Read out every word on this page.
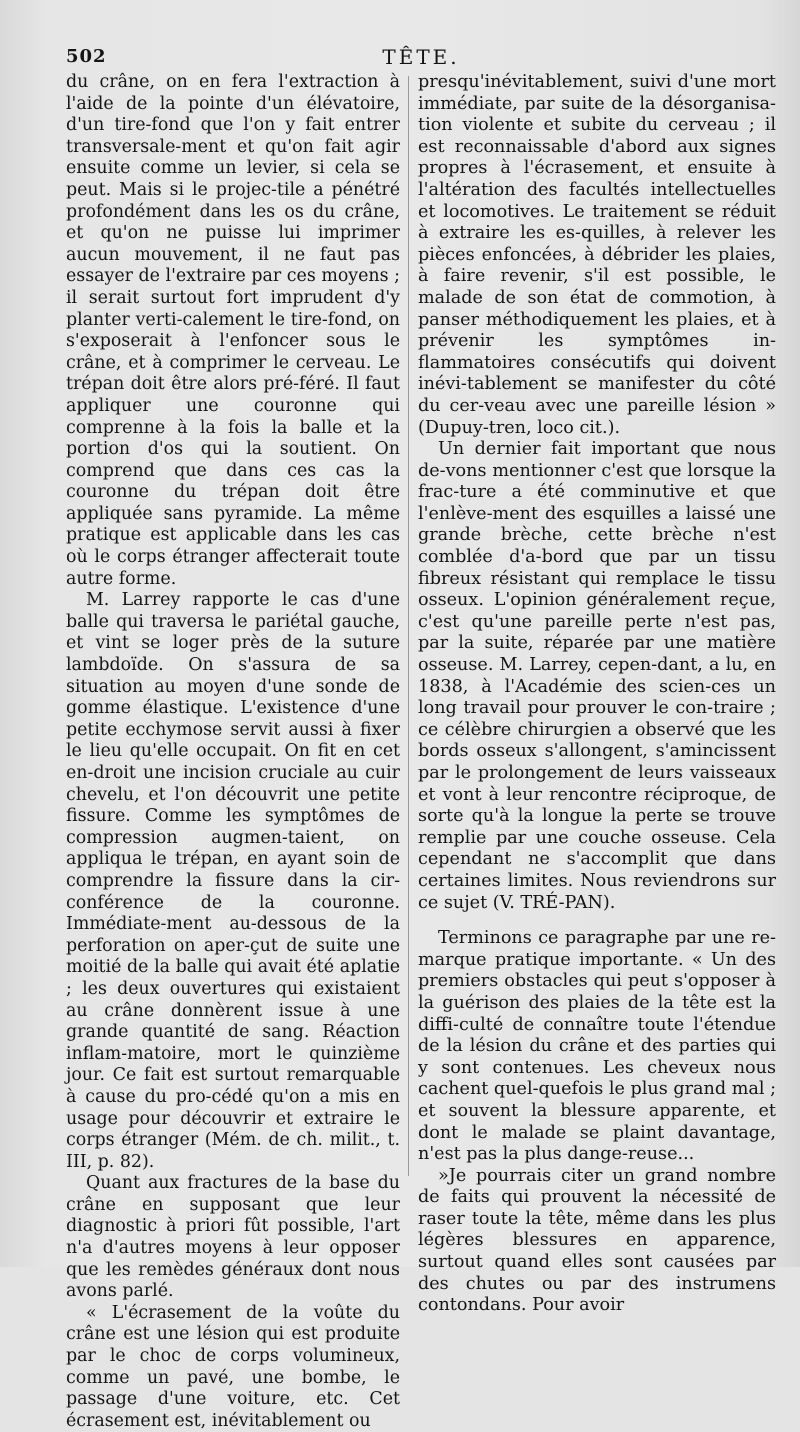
502	TÊTE.

du crâne, on en fera l'extraction à l'aide de la pointe d'un élévatoire, d'un tire-fond que l'on y fait entrer transversale-ment et qu'on fait agir ensuite comme un levier, si cela se peut. Mais si le projec-tile a pénétré profondément dans les os du crâne, et qu'on ne puisse lui imprimer aucun mouvement, il ne faut pas essayer de l'extraire par ces moyens ; il serait surtout fort imprudent d'y planter verti-calement le tire-fond, on s'exposerait à l'enfoncer sous le crâne, et à comprimer le cerveau. Le trépan doit être alors pré-féré. Il faut appliquer une couronne qui comprenne à la fois la balle et la portion d'os qui la soutient. On comprend que dans ces cas la couronne du trépan doit être appliquée sans pyramide. La même pratique est applicable dans les cas où le corps étranger affecterait toute autre forme.

M. Larrey rapporte le cas d'une balle qui traversa le pariétal gauche, et vint se loger près de la suture lambdoïde. On s'assura de sa situation au moyen d'une sonde de gomme élastique. L'existence d'une petite ecchymose servit aussi à fixer le lieu qu'elle occupait. On fit en cet en-droit une incision cruciale au cuir chevelu, et l'on découvrit une petite fissure. Comme les symptômes de compression augmen-taient, on appliqua le trépan, en ayant soin de comprendre la fissure dans la cir-conférence de la couronne. Immédiate-ment au-dessous de la perforation on aper-çut de suite une moitié de la balle qui avait été aplatie ; les deux ouvertures qui existaient au crâne donnèrent issue à une grande quantité de sang. Réaction inflam-matoire, mort le quinzième jour. Ce fait est surtout remarquable à cause du pro-cédé qu'on a mis en usage pour découvrir et extraire le corps étranger (Mém. de ch. milit., t. III, p. 82).

Quant aux fractures de la base du crâne en supposant que leur diagnostic à priori fût possible, l'art n'a d'autres moyens à leur opposer que les remèdes généraux dont nous avons parlé.

« L'écrasement de la voûte du crâne est une lésion qui est produite par le choc de corps volumineux, comme un pavé, une bombe, le passage d'une voiture, etc. Cet écrasement est, inévitablement ou

presqu'inévitablement, suivi d'une mort immédiate, par suite de la désorganisa-tion violente et subite du cerveau ; il est reconnaissable d'abord aux signes propres à l'écrasement, et ensuite à l'altération des facultés intellectuelles et locomotives. Le traitement se réduit à extraire les es-quilles, à relever les pièces enfoncées, à débrider les plaies, à faire revenir, s'il est possible, le malade de son état de commotion, à panser méthodiquement les plaies, et à prévenir les symptômes in-flammatoires consécutifs qui doivent inévi-tablement se manifester du côté du cer-veau avec une pareille lésion » (Dupuy-tren, loco cit.).

Un dernier fait important que nous de-vons mentionner c'est que lorsque la frac-ture a été comminutive et que l'enlève-ment des esquilles a laissé une grande brèche, cette brèche n'est comblée d'a-bord que par un tissu fibreux résistant qui remplace le tissu osseux. L'opinion généralement reçue, c'est qu'une pareille perte n'est pas, par la suite, réparée par une matière osseuse. M. Larrey, cepen-dant, a lu, en 1838, à l'Académie des scien-ces un long travail pour prouver le con-traire ; ce célèbre chirurgien a observé que les bords osseux s'allongent, s'amincissent par le prolongement de leurs vaisseaux et vont à leur rencontre réciproque, de sorte qu'à la longue la perte se trouve remplie par une couche osseuse. Cela cependant ne s'accomplit que dans certaines limites. Nous reviendrons sur ce sujet (V. TRÉ-PAN).

Terminons ce paragraphe par une re-marque pratique importante. « Un des premiers obstacles qui peut s'opposer à la guérison des plaies de la tête est la diffi-culté de connaître toute l'étendue de la lésion du crâne et des parties qui y sont contenues. Les cheveux nous cachent quel-quefois le plus grand mal ; et souvent la blessure apparente, et dont le malade se plaint davantage, n'est pas la plus dange-reuse...

»Je pourrais citer un grand nombre de faits qui prouvent la nécessité de raser toute la tête, même dans les plus légères blessures en apparence, surtout quand elles sont causées par des chutes ou par des instrumens contondans. Pour avoir
